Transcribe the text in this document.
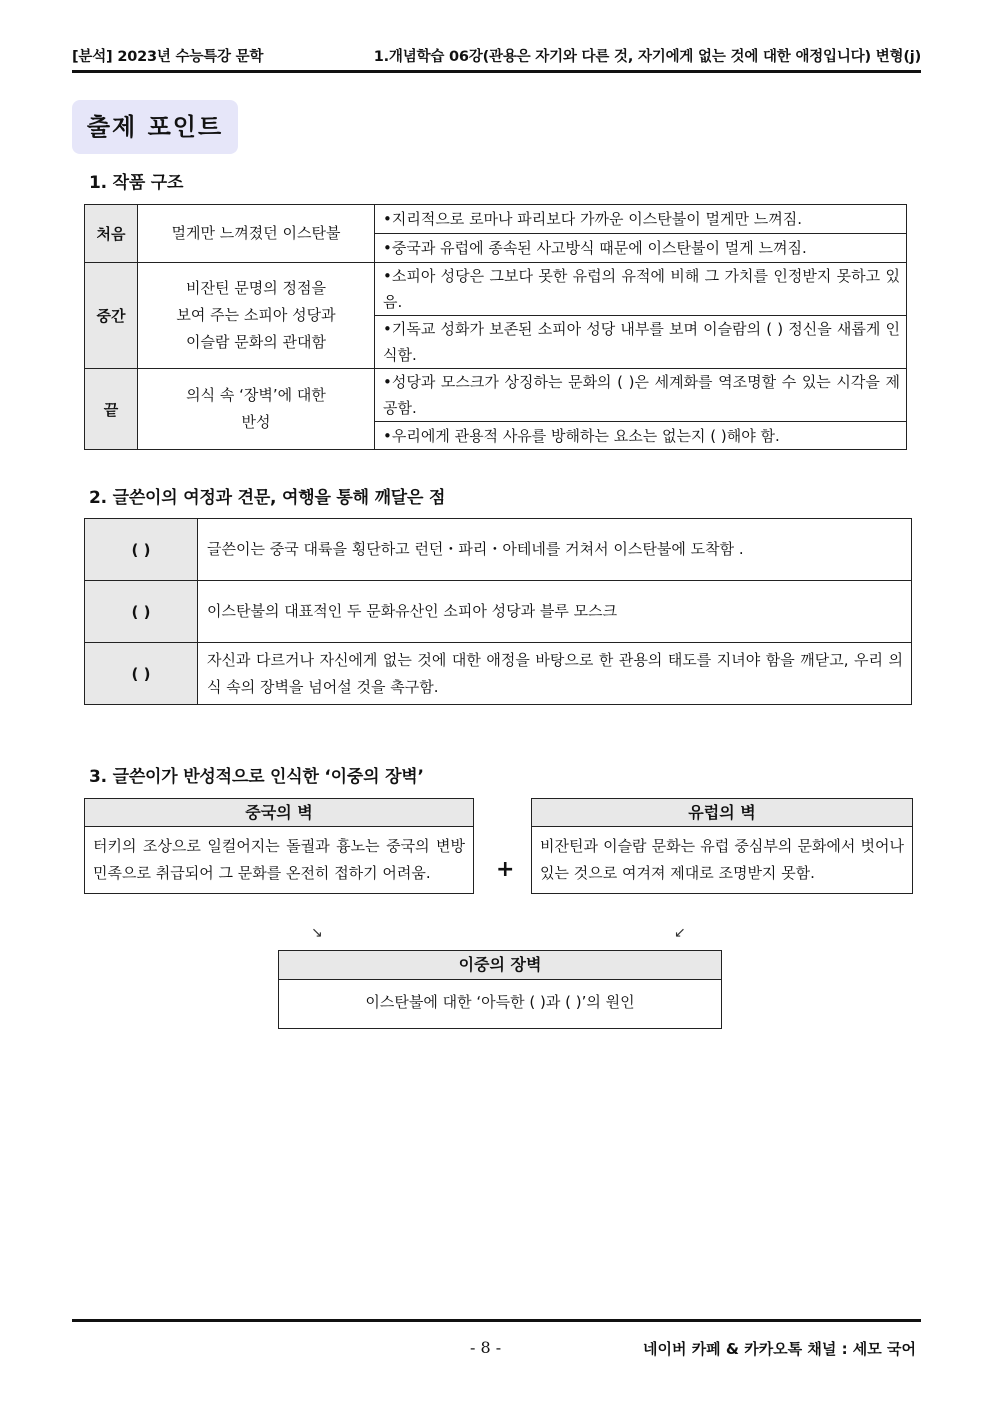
[분석] 2023년 수능특강 문학	1.개념학습 06강(관용은 자기와 다른 것, 자기에게 없는 것에 대한 애정입니다) 변형(j)
출제 포인트
1. 작품 구조
처음	멀게만 느껴졌던 이스탄불	•지리적으로 로마나 파리보다 가까운 이스탄불이 멀게만 느껴짐.
		•중국과 유럽에 종속된 사고방식 때문에 이스탄불이 멀게 느껴짐.
중간	비잔틴 문명의 정점을
보여 주는 소피아 성당과
이슬람 문화의 관대함	•소피아 성당은 그보다 못한 유럽의 유적에 비해 그 가치를 인정받지 못하고 있음.
		•기독교 성화가 보존된 소피아 성당 내부를 보며 이슬람의 ( ) 정신을 새롭게 인식함.
끝	의식 속 ‘장벽’에 대한
반성	•성당과 모스크가 상징하는 문화의 ( )은 세계화를 역조명할 수 있는 시각을 제공함.
		•우리에게 관용적 사유를 방해하는 요소는 없는지 ( )해야 함.
2. 글쓴이의 여정과 견문, 여행을 통해 깨달은 점
( )	글쓴이는 중국 대륙을 횡단하고 런던・파리・아테네를 거쳐서 이스탄불에 도착함 .
( )	이스탄불의 대표적인 두 문화유산인 소피아 성당과 블루 모스크
( )	자신과 다르거나 자신에게 없는 것에 대한 애정을 바탕으로 한 관용의 태도를 지녀야 함을 깨닫고, 우리 의식 속의 장벽을 넘어설 것을 촉구함.
3. 글쓴이가 반성적으로 인식한 ‘이중의 장벽’
중국의 벽
터키의 조상으로 일컬어지는 돌궐과 흉노는 중국의 변방 민족으로 취급되어 그 문화를 온전히 접하기 어려움.	+
유럽의 벽
비잔틴과 이슬람 문화는 유럽 중심부의 문화에서 벗어나 있는 것으로 여겨져 제대로 조명받지 못함.
↘	↙
이중의 장벽
이스탄불에 대한 ‘아득한 ( )과 ( )’의 원인
- 8 -	네이버 카페 & 카카오톡 채널 : 세모 국어
